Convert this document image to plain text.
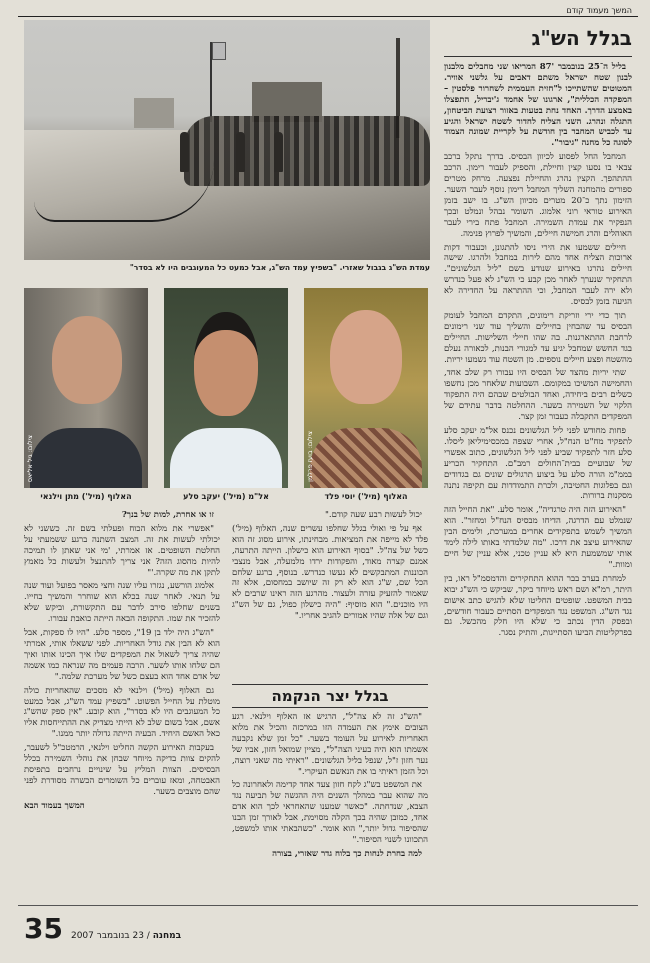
המשך מעמוד קודם
עמדת הש"ג בגבול שאזרי. "בשפיץ עמד הש"ג, אבל כמעט כל המעוגבים היו לא בסדר"
בגלל הש"ג

בליל ה־25 בנובמבר '87 המריאו שני מחבלים מלבנון לבנון שטח ישראל משתם דאבים על גלשני אוויר. המטוטים שהשתייכו ל"חזית העממית לשחרור פלסטין – המפקדה הכללית", ארגונו של אחמד ג'יבריל, התפצלו באמצע הדרך. האחד נחת בטעות באזור רצועת הביטחון, התגלה ונהרג. השני הצליח לחדור לשטח ישראל והגיע עד לכביש המחבר בין חודשת על לקריית שמונה הצמוד לסוגה כל מחנה "גיבור".

המחבל החל לפסוע לכיוון הבסיס. בדרך נתקל ברכב צבאי בו נסעו קצין וחיילת, והספיק לעבור רימון. הרכב ההתהפך. הקצין נהרג והחיילת נפצעה. מרחק מטרים ספורים מהמחנה השליך המחבל רימון נוסף לעבר השער. הזימון נתך כ־20 מטרים מכיוון הש"ג. בו ישב בזמן האירוע טוראי רוני אלמוג. השומר נבהל ונמלט ובכך הנפקיר את עמדת השמירה. המחבל פתח בירי לעבר האוהלים והרג חמישה חיילים, והמשיך לפרוץ פנימה.

חיילים ששמעו את הירי ניסו להתגונן, וכעבור דקות ארוכות הצליח אחד מהם לירות במחבל ולהרגו. שישה חיילים נהרגו באירוע שנודע בשם "ליל הגלשונים". התחקיר שנערך לאחר מכן קבע כי הש"ג לא פעל כנדרש ולא ירה לעבר המחבל, וכי ההתראה על החדירה לא הגיעה בזמן לבסיס.

תוך כדי ירי וזריקת רימונים, התקדם המחבל לעומק הבסיס עד שהבחין בחיילים והשליך עוד שני רימונים לרחבת ההתארגנות. בה שהו חיילי השלישות. החיילים בגד החשש שמחבל יגיע עד למגורי הבנות, לכאורה נעלם מהשטח ופצע חיילים נוספים. מן השטח עוד נשמעו יריות.

שתי יריות מהצד של הבסיס היו עבורו רק שלב אחד, והחמישה המשיכו במקומם. השבועות שלאחר מכן נחשפו כשלים רבים ביחידה, ואחד הבולטים שבהם היה התפקוד הלקוי של השמירה בשער. ההחלטה בדבר עתידם של המפקדים התקבלה כעבור זמן קצר.

פחות מחודש לפני ליל הגלשונים נכנס אל"מ יעקב סלע לתפקיד מח"ט הנח"ל, אחרי שצפה במכסימיליאן ליסלו. סלע חזר לתפקיד שביע לפני ליל הגלשונים, כתוב אפשרי של שבועיים בבית־החולים רמב"ם. התחקיר הכריע בממ"מ הורה סלע על ביצוע תרגולים שונים גם בגדודים וגם בפלוגות החטיבה, ולכרת התמודדות עם תקיפה נתנה מסקנות ברורות.

"האירוע הזה היה טרגדיה", אומר סלע. "את החייל הזה שנמלט עם הדרגה, הדיחו מבסיס הנח"ל ומחזר". הוא המשיך לשמש בתפקידים אחרים במערכת, ולימים הבין שהאירוע עיצב את דרכו. "מה שלמדתי באותו לילה לימד אותי שמשמעת היא לא עניין טכני, אלא עניין של חיים ומוות."

למחרת בערב בבר ההוא התחקירים והדמסמ"ל ראו, בין היתר, רמ"א ושם ראש מיוחד ביקר, שביקש כי הש"ג יבוא בבית המשפט. שופטים החליטו שלא להגיש כתב אישום נגד הש"ג. המשפט נגד המפקדים הסתיים כעבור חודשים, ובפסק הדין נכתב כי שלא היו חלק מהכשל. גם בפרקליטות הביעו הסתייגות, והתיק נסגר.

צילום: גיל אליאס	צילום: בועז פרלמן
האלוף (מיל') מתן וילנאי	אל"מ (מיל') יעקב סלע	האלוף (מיל') יוסי פלד

יכול לעשות רבע שעה קודם."

אף על פי ואולי בגלל שחלפו עשרים שנה, האלוף (מיל') פלד לא מייפה את המציאות. מבחינתו, אירוע מסוג זה הוא כשל של צה"ל. "בסוף האירוע הוא כישלון. הייתה התרעה, אמנם קצרה מאוד, והפקודות ירדו מלמעלה, אבל מנצבי הכוננות המתבקשים לא נעשו כנדרש. בנוסף, ברגע שלחם הכל שם, ש"ג הוא לא רק זה שיושב במחסום, אלא זה שאמור להזעיק עזרה ולעצור. מהרגע הזה ראינו שרבים לא היו מוכנים." הוא מוסיף: "היה כישלון כפול, גם של הש"ג וגם של אלה שהיו אמורים להגיב אחריו."

בגלל יצר הנקמה

"הש"ג זה לא צה"ל", הרגיש אז האלוף וילנאי. רגע הצובים אימץ את העמדה הזו במרכזה והכיל את מלוא האחריות לאירוע על העומד בשער. "כל זמן שלא נקבעה אשמתו הוא היה בעיני הצה"ל", מציין שמואל חזון, אביו של נער חזון ז"ל, שנפל בליל הגלשונים. "ראיתי מה שאני רוצה, וכל הזמן ראיתי בו את הנאשם העיקרי."

את המשפט בש"ג לקח חזון צעד אחד קדימה ולאחרונה כל מה שהוא עבר במהלך השנים היה ההגשה של תביעה נגד הצבא, שנדחתה. "כאשר שמענו שהאחראי לכך הוא אדם אחד, כמובן שהיה בכך הקלה מסוימת, אבל לאורך זמן הבנו שהסיפור גדול יותר," הוא אומר. "כשהבאתי אותו למשפט, התכוונו לשנוי הסיפור."

למה בחרת לנחות כך בלוח גדר שאזרי, בצורה

זו או אחרת, למות של בנך?

"אפשרי את מלוא הכוח ופעלתי בשם זה. כששני לא יכולתי לעשות את זה. המצב השתנה ברגע ששמעתי על החלטת השופטים. אז אמרתי, 'מי אני שאתן לו תמיכה להיות מהסוג הזה? אני צריך להתנצל ולעשות כל מאמץ לתקן את מה שקרה.'"

אלמוג הורשע, נגזרו עליו שנה וחצי מאסר בפועל ועוד שנה על תנאי. לאחר שנה בכלא הוא שוחרר והמשיך בחייו. בשנים שחלפו סירב לדבר עם התקשורת, וביקש שלא להזכיר את שמו. התקופה הבאה הייתה כואבת עבורו.

"הש"ג היה ילד בן 19", מספר סלע. "היו לו ספקות, אבל הוא לא הבין את גודל האחריות. לפני ששאלו אותי, אמרתי שהיה צריך לשאול את המפקדים שלו איך הכינו אותו ואיך הם שלחו אותו לשער. הרבה פעמים מה שנראה כמו אשמה של אדם אחד הוא בעצם כשל של מערכת שלמה."

גם האלוף (מיל') וילנאי לא מסכים שהאחריות כולה מוטלת על החייל הפשוט. "בשפיץ עמד הש"ג, אבל כמעט כל המעוגבים היו לא בסדר", הוא קובע. "אין ספק שהש"ג אשם, אבל בשום שלב לא הייתי מצדיק את ההתייחסות אליו כאל האשם היחיד. הבעיה הייתה גדולה יותר ממנו."

בעקבות האירוע הקשה החליט וילנאי, הרמטכ"ל לשעבר, להקים צוות בדיקה מיוחד שבחן את נוהלי השמירה בכלל הבסיסים. הצוות המליץ על שינויים נרחבים בתפיסת האבטחה, ומאז עוברים כל השומרים הכשרה מסודרת לפני שהם מוצבים בשער.

המשך בעמוד הבא

35	במחנה / 23 בנובמבר 2007
